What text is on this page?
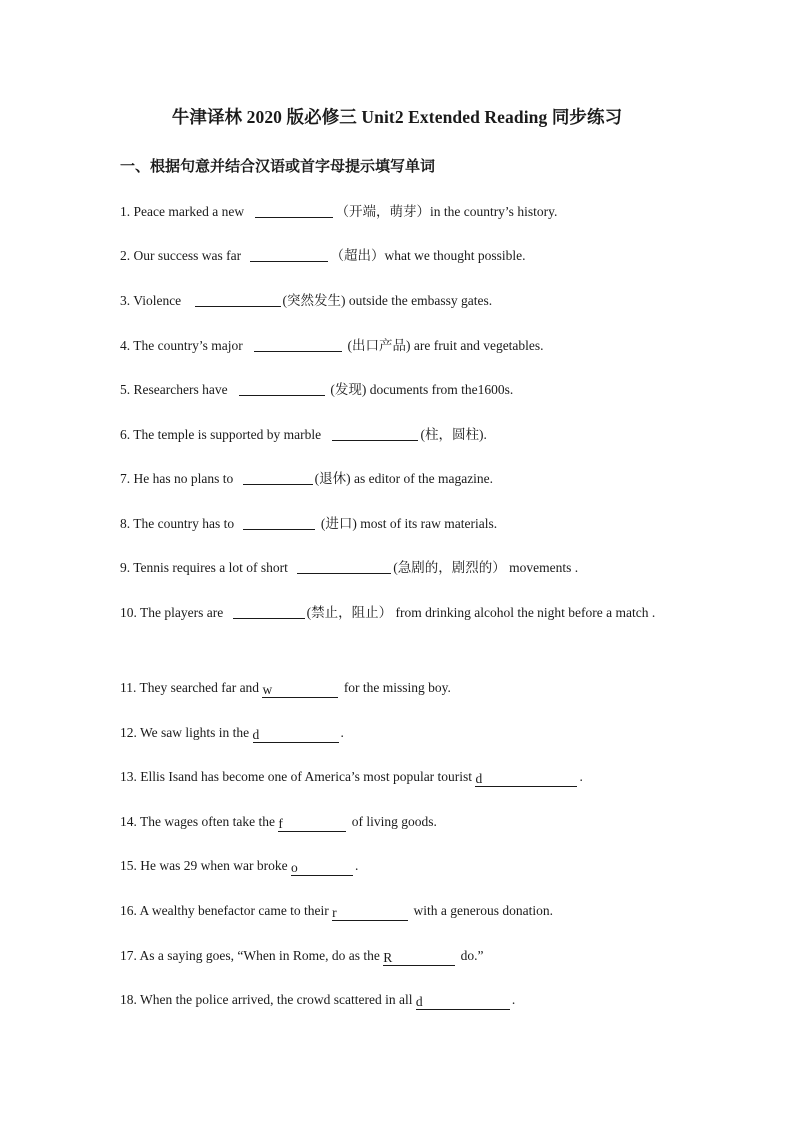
牛津译林 2020 版必修三 Unit2 Extended Reading 同步练习
一、根据句意并结合汉语或首字母提示填写单词
1. Peace marked a new	（开端，萌芽）in the country’s history.
2. Our success was far	（超出）what we thought possible.
3. Violence	(突然发生) outside the embassy gates.
4. The country’s major	(出口产品) are fruit and vegetables.
5. Researchers have	(发现) documents from the1600s.
6. The temple is supported by marble	(柱，圆柱).
7. He has no plans to	(退休) as editor of the magazine.
8. The country has to	(进口) most of its raw materials.
9. Tennis requires a lot of short	(急剧的，剧烈的） movements .
10. The players are	(禁止，阻止） from drinking alcohol the night before a match .
11. They searched far and w	for the missing boy.
12. We saw lights in the d	.
13. Ellis Isand has become one of America’s most popular tourist d	.
14. The wages often take the f	of living goods.
15. He was 29 when war broke o	.
16. A wealthy benefactor came to their r	with a generous donation.
17. As a saying goes, “When in Rome, do as the R	do.”
18. When the police arrived, the crowd scattered in all d	.
